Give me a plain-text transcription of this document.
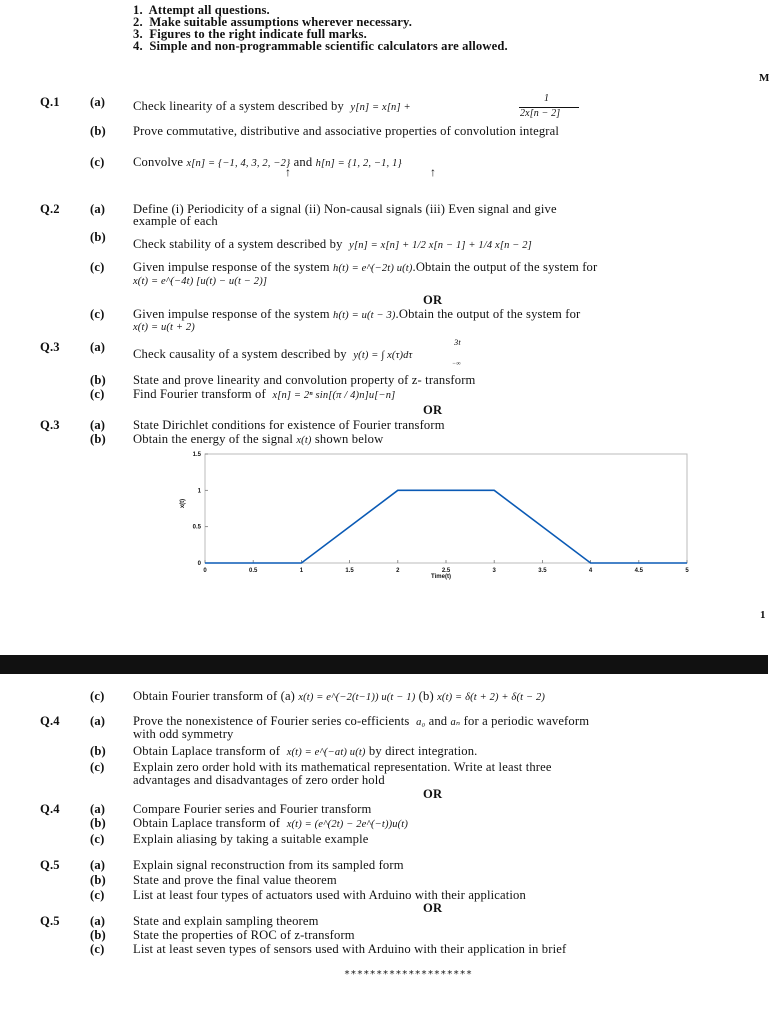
1. Attempt all questions.
2. Make suitable assumptions wherever necessary.
3. Figures to the right indicate full marks.
4. Simple and non-programmable scientific calculators are allowed.
M
Q.1 (a) Check linearity of a system described by y[n] = x[n] +
1
2x[n − 2]
(b) Prove commutative, distributive and associative properties of convolution integral
(c) Convolve x[n] = {−1, 4, 3, 2, −2} and h[n] = {1, 2, −1, 1}
↑	↑
Q.2 (a) Define (i) Periodicity of a signal (ii) Non-causal signals (iii) Even signal and give
example of each
(b) Check stability of a system described by y[n] = x[n] + 1/2 x[n − 1] + 1/4 x[n − 2]
(c) Given impulse response of the system h(t) = e^(−2t) u(t).Obtain the output of the system for
x(t) = e^(−4t) [u(t) − u(t − 2)]
OR
(c) Given impulse response of the system h(t) = u(t − 3).Obtain the output of the system for
x(t) = u(t + 2)
Q.3 (a) Check causality of a system described by y(t) = ∫ x(τ)dτ
3t
−∞
(b) State and prove linearity and convolution property of z- transform
(c) Find Fourier transform of x[n] = 2ⁿ sin[(π / 4)n]u[−n]
OR
Q.3 (a) State Dirichlet conditions for existence of Fourier transform
(b) Obtain the energy of the signal x(t) shown below
0	0.5	1	1.5	2	2.5	3	3.5	4	4.5	5
0
0.5
1
1.5
Time(t)
x(t)
1
(c) Obtain Fourier transform of (a) x(t) = e^(−2(t−1)) u(t − 1) (b) x(t) = δ(t + 2) + δ(t − 2)
Q.4 (a) Prove the nonexistence of Fourier series co-efficients a₀ and aₙ for a periodic waveform
with odd symmetry
(b) Obtain Laplace transform of x(t) = e^(−at) u(t) by direct integration.
(c) Explain zero order hold with its mathematical representation. Write at least three
advantages and disadvantages of zero order hold
OR
Q.4 (a) Compare Fourier series and Fourier transform
(b) Obtain Laplace transform of x(t) = (e^(2t) − 2e^(−t))u(t)
(c) Explain aliasing by taking a suitable example
Q.5 (a) Explain signal reconstruction from its sampled form
(b) State and prove the final value theorem
(c) List at least four types of actuators used with Arduino with their application
OR
Q.5 (a) State and explain sampling theorem
(b) State the properties of ROC of z-transform
(c) List at least seven types of sensors used with Arduino with their application in brief
********************
